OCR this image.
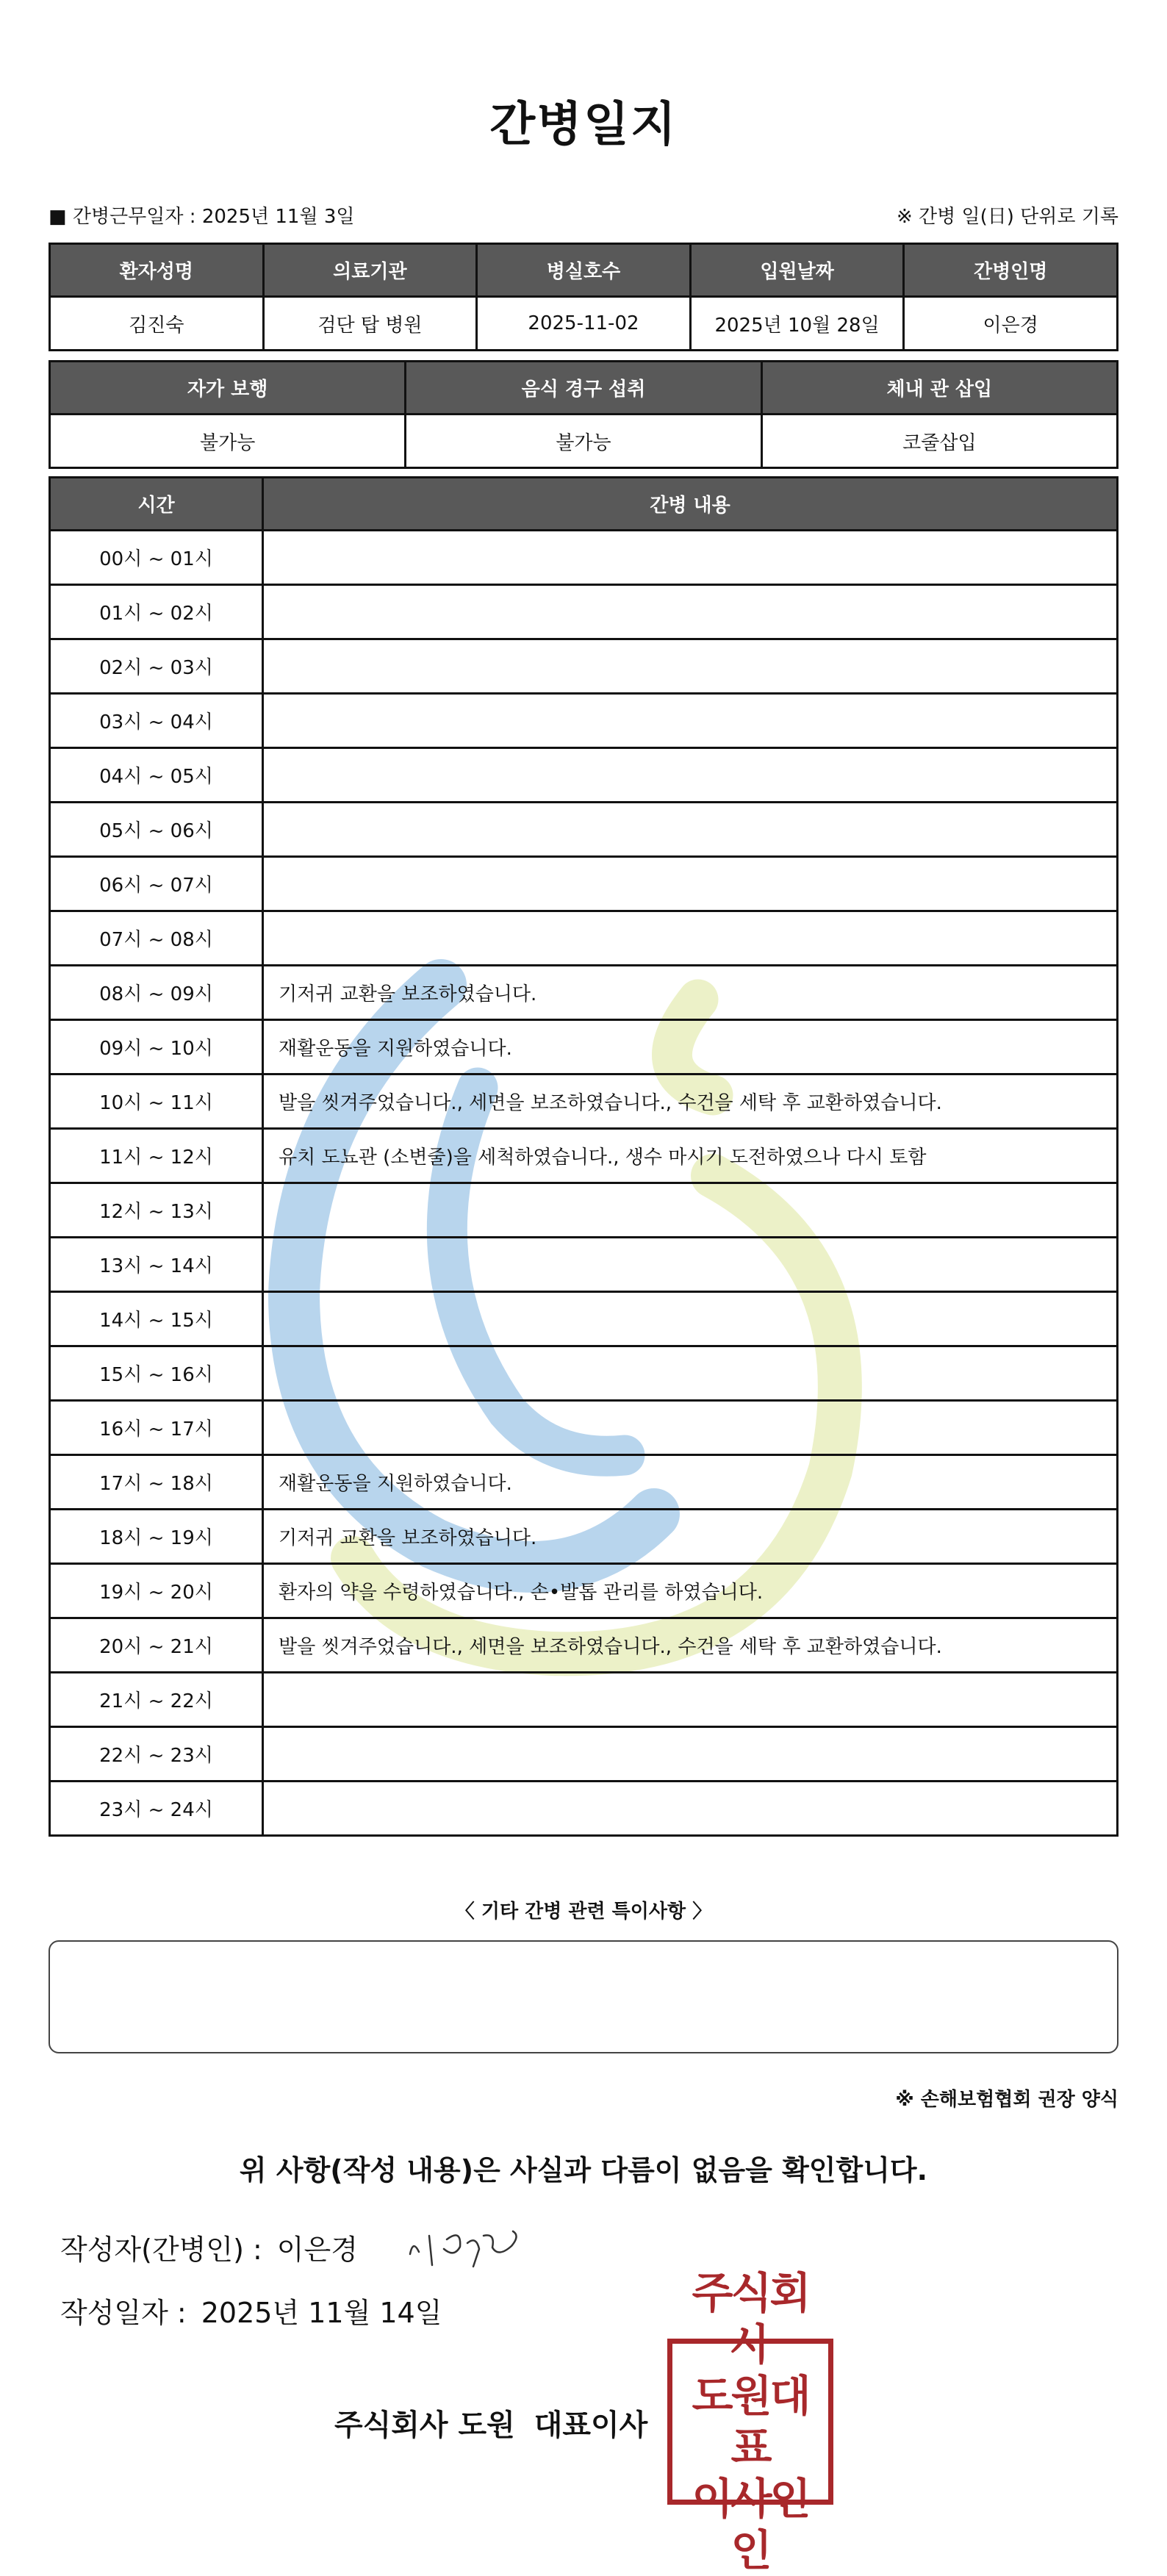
간병일지
■ 간병근무일자 : 2025년 11월 3일	※ 간병 일(日) 단위로 기록
환자성명	의료기관	병실호수	입원날짜	간병인명
김진숙	검단 탑 병원	2025-11-02	2025년 10월 28일	이은경
자가 보행	음식 경구 섭취	체내 관 삽입
불가능	불가능	코줄삽입
시간	간병 내용
00시 ~ 01시	
01시 ~ 02시	
02시 ~ 03시	
03시 ~ 04시	
04시 ~ 05시	
05시 ~ 06시	
06시 ~ 07시	
07시 ~ 08시	
08시 ~ 09시	기저귀 교환을 보조하였습니다.
09시 ~ 10시	재활운동을 지원하였습니다.
10시 ~ 11시	발을 씻겨주었습니다., 세면을 보조하였습니다., 수건을 세탁 후 교환하였습니다.
11시 ~ 12시	유치 도뇨관 (소변줄)을 세척하였습니다., 생수 마시기 도전하였으나 다시 토함
12시 ~ 13시	
13시 ~ 14시	
14시 ~ 15시	
15시 ~ 16시	
16시 ~ 17시	
17시 ~ 18시	재활운동을 지원하였습니다.
18시 ~ 19시	기저귀 교환을 보조하였습니다.
19시 ~ 20시	환자의 약을 수령하였습니다., 손•발톱 관리를 하였습니다.
20시 ~ 21시	발을 씻겨주었습니다., 세면을 보조하였습니다., 수건을 세탁 후 교환하였습니다.
21시 ~ 22시	
22시 ~ 23시	
23시 ~ 24시	
〈 기타 간병 관련 특이사항 〉
※ 손해보험협회 권장 양식
위 사항(작성 내용)은 사실과 다름이 없음을 확인합니다.
작성자(간병인) : 이은경
작성일자 : 2025년 11월 14일
주식회사 도원 대표이사
주식회사
도원대표
이사인인
